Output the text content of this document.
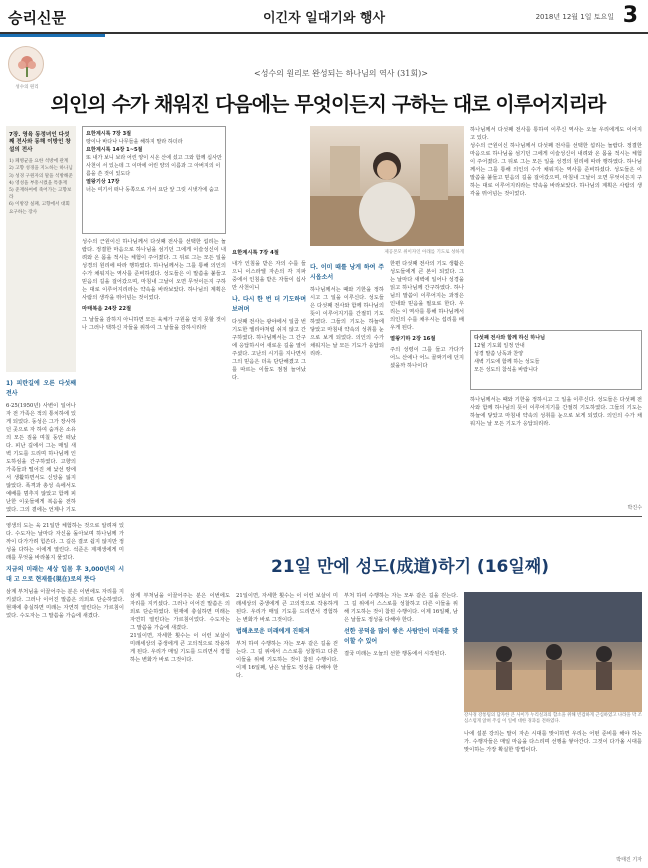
승리신문	이긴자 일대기와 행사	2018년 12월 1일 토요일 3
성수의 원리
<성수의 원리로 완성되는 하나님의 역사 (31회)>
의인의 수가 채워진 다음에는 무엇이든지 구하는 대로 이루어지리라
7장. 영육 동정녀인 다섯째 전사와 동해 이방인 창설의 전사
1) 폐병균을 요한 석방에 관계
2) 고향 성경을 지노하는 하나님
3) 성경 구원자의 말을 석방해준
4) 영성을 부흥시켰을 특종재
5) 준재하여에 죽어가는 고향보라
6) 이방장 실패, 고향에서 대회 요구하는 장사
1) 피란길에 오른 다섯째 전사
6·25(1950년) 사변이 일어나자 전 가족은 적의 통치하에 있게 되었다. 동성은 그가 장사하던 곳으로 자 하여 숨겨온 소유의 모든 짐을 며칠 동안 떠났다. 피난 길에서 그는 매일 새벽 기도를 드리며 하나님께 인도하심을 간구하였다. 고향의 가족들과 떨어진 채 낯선 땅에서 생활하면서도 신앙을 잃지 않았다. 폭격과 총성 속에서도 예배를 멈추지 않았고 함께 피난한 이웃들에게 복음을 전하였다. 그의 곁에는 언제나 기도
요한계시록 7장 3절
땅이나 바다나 나무들을 해하지 말라 하더라
요한계시록 14장 1~5절
또 내가 보니 보라 어린 양이 시온 산에 섰고 그와 함께 십사만 사천이 서 있는데 그 이마에 어린 양의 이름과 그 아버지의 이름을 쓴 것이 있도다
열왕기상 17장
너는 여기서 떠나 동쪽으로 가서 요단 앞 그릿 시냇가에 숨고
성수의 근원이신 하나님께서 다섯째 전사를 선택한 섭리는 놀랍다. 정결한 마음으로 하나님을 섬기던 그에게 이슬성신이 내려와 온 몸을 적시는 체험이 주어졌다. 그 뒤로 그는 모든 일을 성경의 원리에 따라 행하였다. 하나님께서는 그를 통해 의인의 수가 채워지는 역사를 준비하셨다. 성도들은 이 말씀을 붙들고 믿음의 길을 걸어갔으며, 마침내 그날이 오면 무엇이든지 구하는 대로 이루어지리라는 약속을 바라보았다. 하나님의 계획은 사람의 생각을 뛰어넘는 것이었다.
마태복음 24장 22절
그 날들을 감하지 아니하면 모든 육체가 구원을 얻지 못할 것이나 그러나 택하신 자들을 위하여 그 날들을 감하시리라
요한계시록 7장 4절
내가 인침을 받은 자의 수를 들으니 이스라엘 자손의 각 지파 중에서 인침을 받은 자들이 십사만 사천이니
나. 다시 한 번 더 기도하며 보려며
다섯째 전사는 광야에서 일곱 번 기도한 엘리야처럼 쉬지 않고 간구하였다. 하나님께서는 그 간구에 응답하시어 새로운 길을 열어주셨다. 고난의 시기를 지나면서 그의 믿음은 더욱 단단해졌고 그를 따르는 이들도 점점 늘어났다.
제공본모 위이자인 아래를 기도로 성하게
다. 이미 때를 낭게 하여 주시옵소서
하나님께서는 때와 기한을 정하시고 그 일을 이루신다. 성도들은 다섯째 전사와 함께 하나님의 뜻이 이루어지기를 간절히 기도하였다. 그들의 기도는 하늘에 닿았고 마침내 약속의 성취를 눈으로 보게 되었다. 의인의 수가 채워지는 날 모든 기도가 응답되리라.
한편 다섯째 전사의 기도 생활은 성도들에게 큰 본이 되었다. 그는 날마다 새벽에 일어나 성경을 읽고 하나님께 간구하였다. 하나님의 말씀이 이루어지는 과정은 인내와 믿음을 필요로 한다. 우리는 이 역사를 통해 하나님께서 의인의 수를 채우시는 섭리를 배우게 된다.
열왕기하 2장 16절
주의 성령이 그를 들고 가다가 어느 산에나 어느 골짜기에 던지셨을까 하나이다
하나님께서 다섯째 전사를 통하여 이루신 역사는 오늘 우리에게도 이어지고 있다.
성수의 근원이신 하나님께서 다섯째 전사를 선택한 섭리는 놀랍다. 정결한 마음으로 하나님을 섬기던 그에게 이슬성신이 내려와 온 몸을 적시는 체험이 주어졌다. 그 뒤로 그는 모든 일을 성경의 원리에 따라 행하였다. 하나님께서는 그를 통해 의인의 수가 채워지는 역사를 준비하셨다. 성도들은 이 말씀을 붙들고 믿음의 길을 걸어갔으며, 마침내 그날이 오면 무엇이든지 구하는 대로 이루어지리라는 약속을 바라보았다. 하나님의 계획은 사람의 생각을 뛰어넘는 것이었다.
다섯째 전사와 함께 하신 하나님
12월 기도회 일정 안내
성경 말씀 낭독과 찬양
새벽 기도에 함께 하는 성도들
모든 성도의 참석을 바랍니다
하나님께서는 때와 기한을 정하시고 그 일을 이루신다. 성도들은 다섯째 전사와 함께 하나님의 뜻이 이루어지기를 간절히 기도하였다. 그들의 기도는 하늘에 닿았고 마침내 약속의 성취를 눈으로 보게 되었다. 의인의 수가 채워지는 날 모든 기도가 응답되리라.
박진수
영생의 도는 육 21일만 체험하는 것으로 알려져 있다. 수도자는 날마다 자신을 돌아보며 하나님께 가까이 다가가려 힘쓴다. 그 길은 결코 쉽지 않지만 정성을 다하는 이에게 열린다. 석준은 제재생에게 미래를 무엇을 바라볼지 물었다.
지금의 미래는 세상 입몸 후 3,000년의 시대 고 으로 현재를(現在)로의 뜻다
삼계 부처님을 이끌어주는 분은 이번에도 자리를 지키셨다. 그러나 이어진 말씀은 의외로 단순하였다. 현재에 충실하면 미래는 자연히 열린다는 가르침이었다. 수도자는 그 말씀을 가슴에 새겼다.
21일 만에 성도(成道)하기 (16일째)
삼계 부처님을 이끌어주는 분은 이번에도 자리를 지키셨다. 그러나 이어진 말씀은 의외로 단순하였다. 현재에 충실하면 미래는 자연히 열린다는 가르침이었다. 수도자는 그 말씀을 가슴에 새겼다.
21일이면, 자세한 횟수는 이 이런 보살이 미래세상의 중생에게 큰 고의적으로 작용하게 된다. 우리가 매일 기도를 드리면서 경험하는 변화가 바로 그것이다.
21일이면, 자세한 횟수는 이 이런 보살이 미래세상의 중생에게 큰 고의적으로 작용하게 된다. 우리가 매일 기도를 드리면서 경험하는 변화가 바로 그것이다.
법해초로운 미래에게 진해져
부처 하여 수행하는 자는 모두 같은 길을 걷는다. 그 길 위에서 스스로를 성찰하고 다른 이들을 위해 기도하는 것이 참된 수행이다. 이제 16일째, 남은 날들도 정성을 다해야 한다.
부처 하여 수행하는 자는 모두 같은 길을 걷는다. 그 길 위에서 스스로를 성찰하고 다른 이들을 위해 기도하는 것이 참된 수행이다. 이제 16일째, 남은 날들도 정성을 다해야 한다.
선한 공덕을 많이 쌓은 사람만이 미래를 맞이할 수 있어
결국 미래는 오늘의 선한 행동에서 시작된다.
강사경 강통팀의 담자한 큰 사이가 누리실과의 합소을 위해 빈겁하게 근심하였고 나라을 막 조심스럽게 앉혀 주심 이 일에 대한 경과를 전하였다.
나에 설분 강의는 말이 자손 시대를 맞이하면 우리는 어떤 준비를 해야 하는가. 수행자들은 매일 마음을 다스리며 선행을 쌓아간다. 그것이 다가올 시대를 맞이하는 가장 확실한 방법이다.
박태진 기자
